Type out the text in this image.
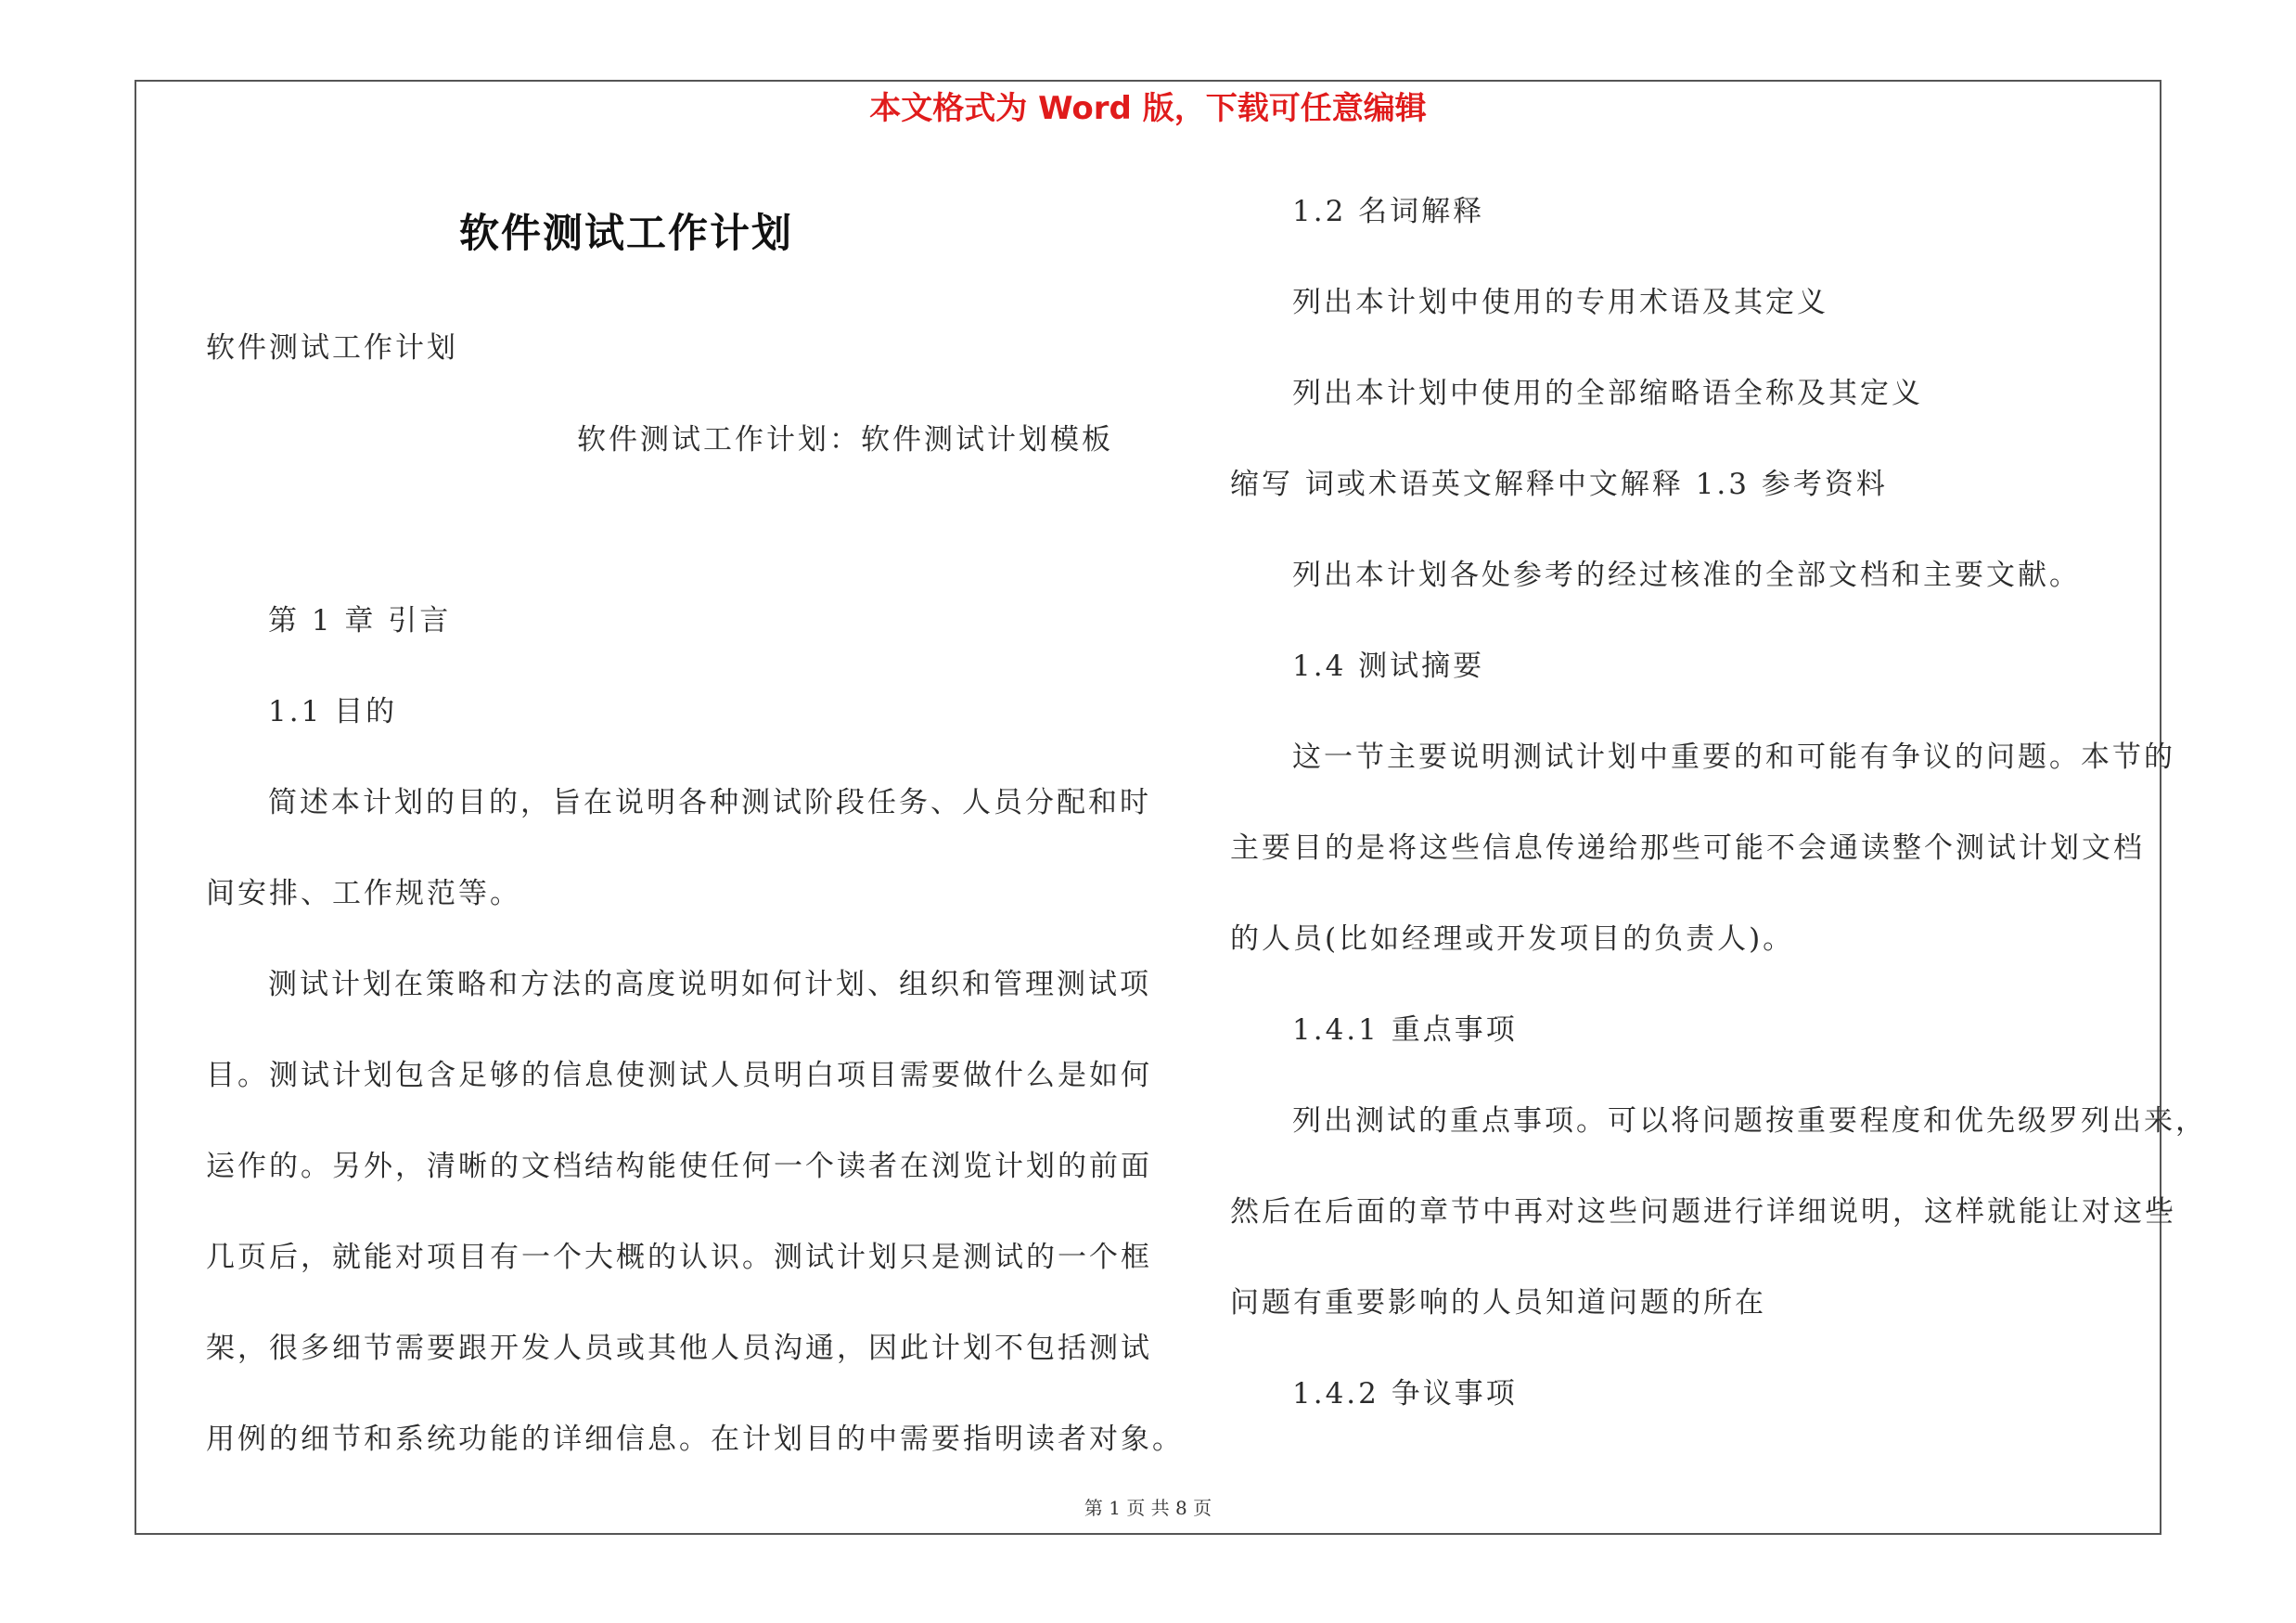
本文格式为 Word 版，下载可任意编辑

软件测试工作计划

软件测试工作计划

软件测试工作计划：软件测试计划模板

第 1 章 引言

1.1 目的

简述本计划的目的，旨在说明各种测试阶段任务、人员分配和时

间安排、工作规范等。

测试计划在策略和方法的高度说明如何计划、组织和管理测试项

目。测试计划包含足够的信息使测试人员明白项目需要做什么是如何

运作的。另外，清晰的文档结构能使任何一个读者在浏览计划的前面

几页后，就能对项目有一个大概的认识。测试计划只是测试的一个框

架，很多细节需要跟开发人员或其他人员沟通，因此计划不包括测试

用例的细节和系统功能的详细信息。在计划目的中需要指明读者对象。

1.2 名词解释

列出本计划中使用的专用术语及其定义

列出本计划中使用的全部缩略语全称及其定义

缩写 词或术语英文解释中文解释 1.3 参考资料

列出本计划各处参考的经过核准的全部文档和主要文献。

1.4 测试摘要

这一节主要说明测试计划中重要的和可能有争议的问题。本节的

主要目的是将这些信息传递给那些可能不会通读整个测试计划文档

的人员(比如经理或开发项目的负责人)。

1.4.1 重点事项

列出测试的重点事项。可以将问题按重要程度和优先级罗列出来，

然后在后面的章节中再对这些问题进行详细说明，这样就能让对这些

问题有重要影响的人员知道问题的所在

1.4.2 争议事项

第 1 页 共 8 页
